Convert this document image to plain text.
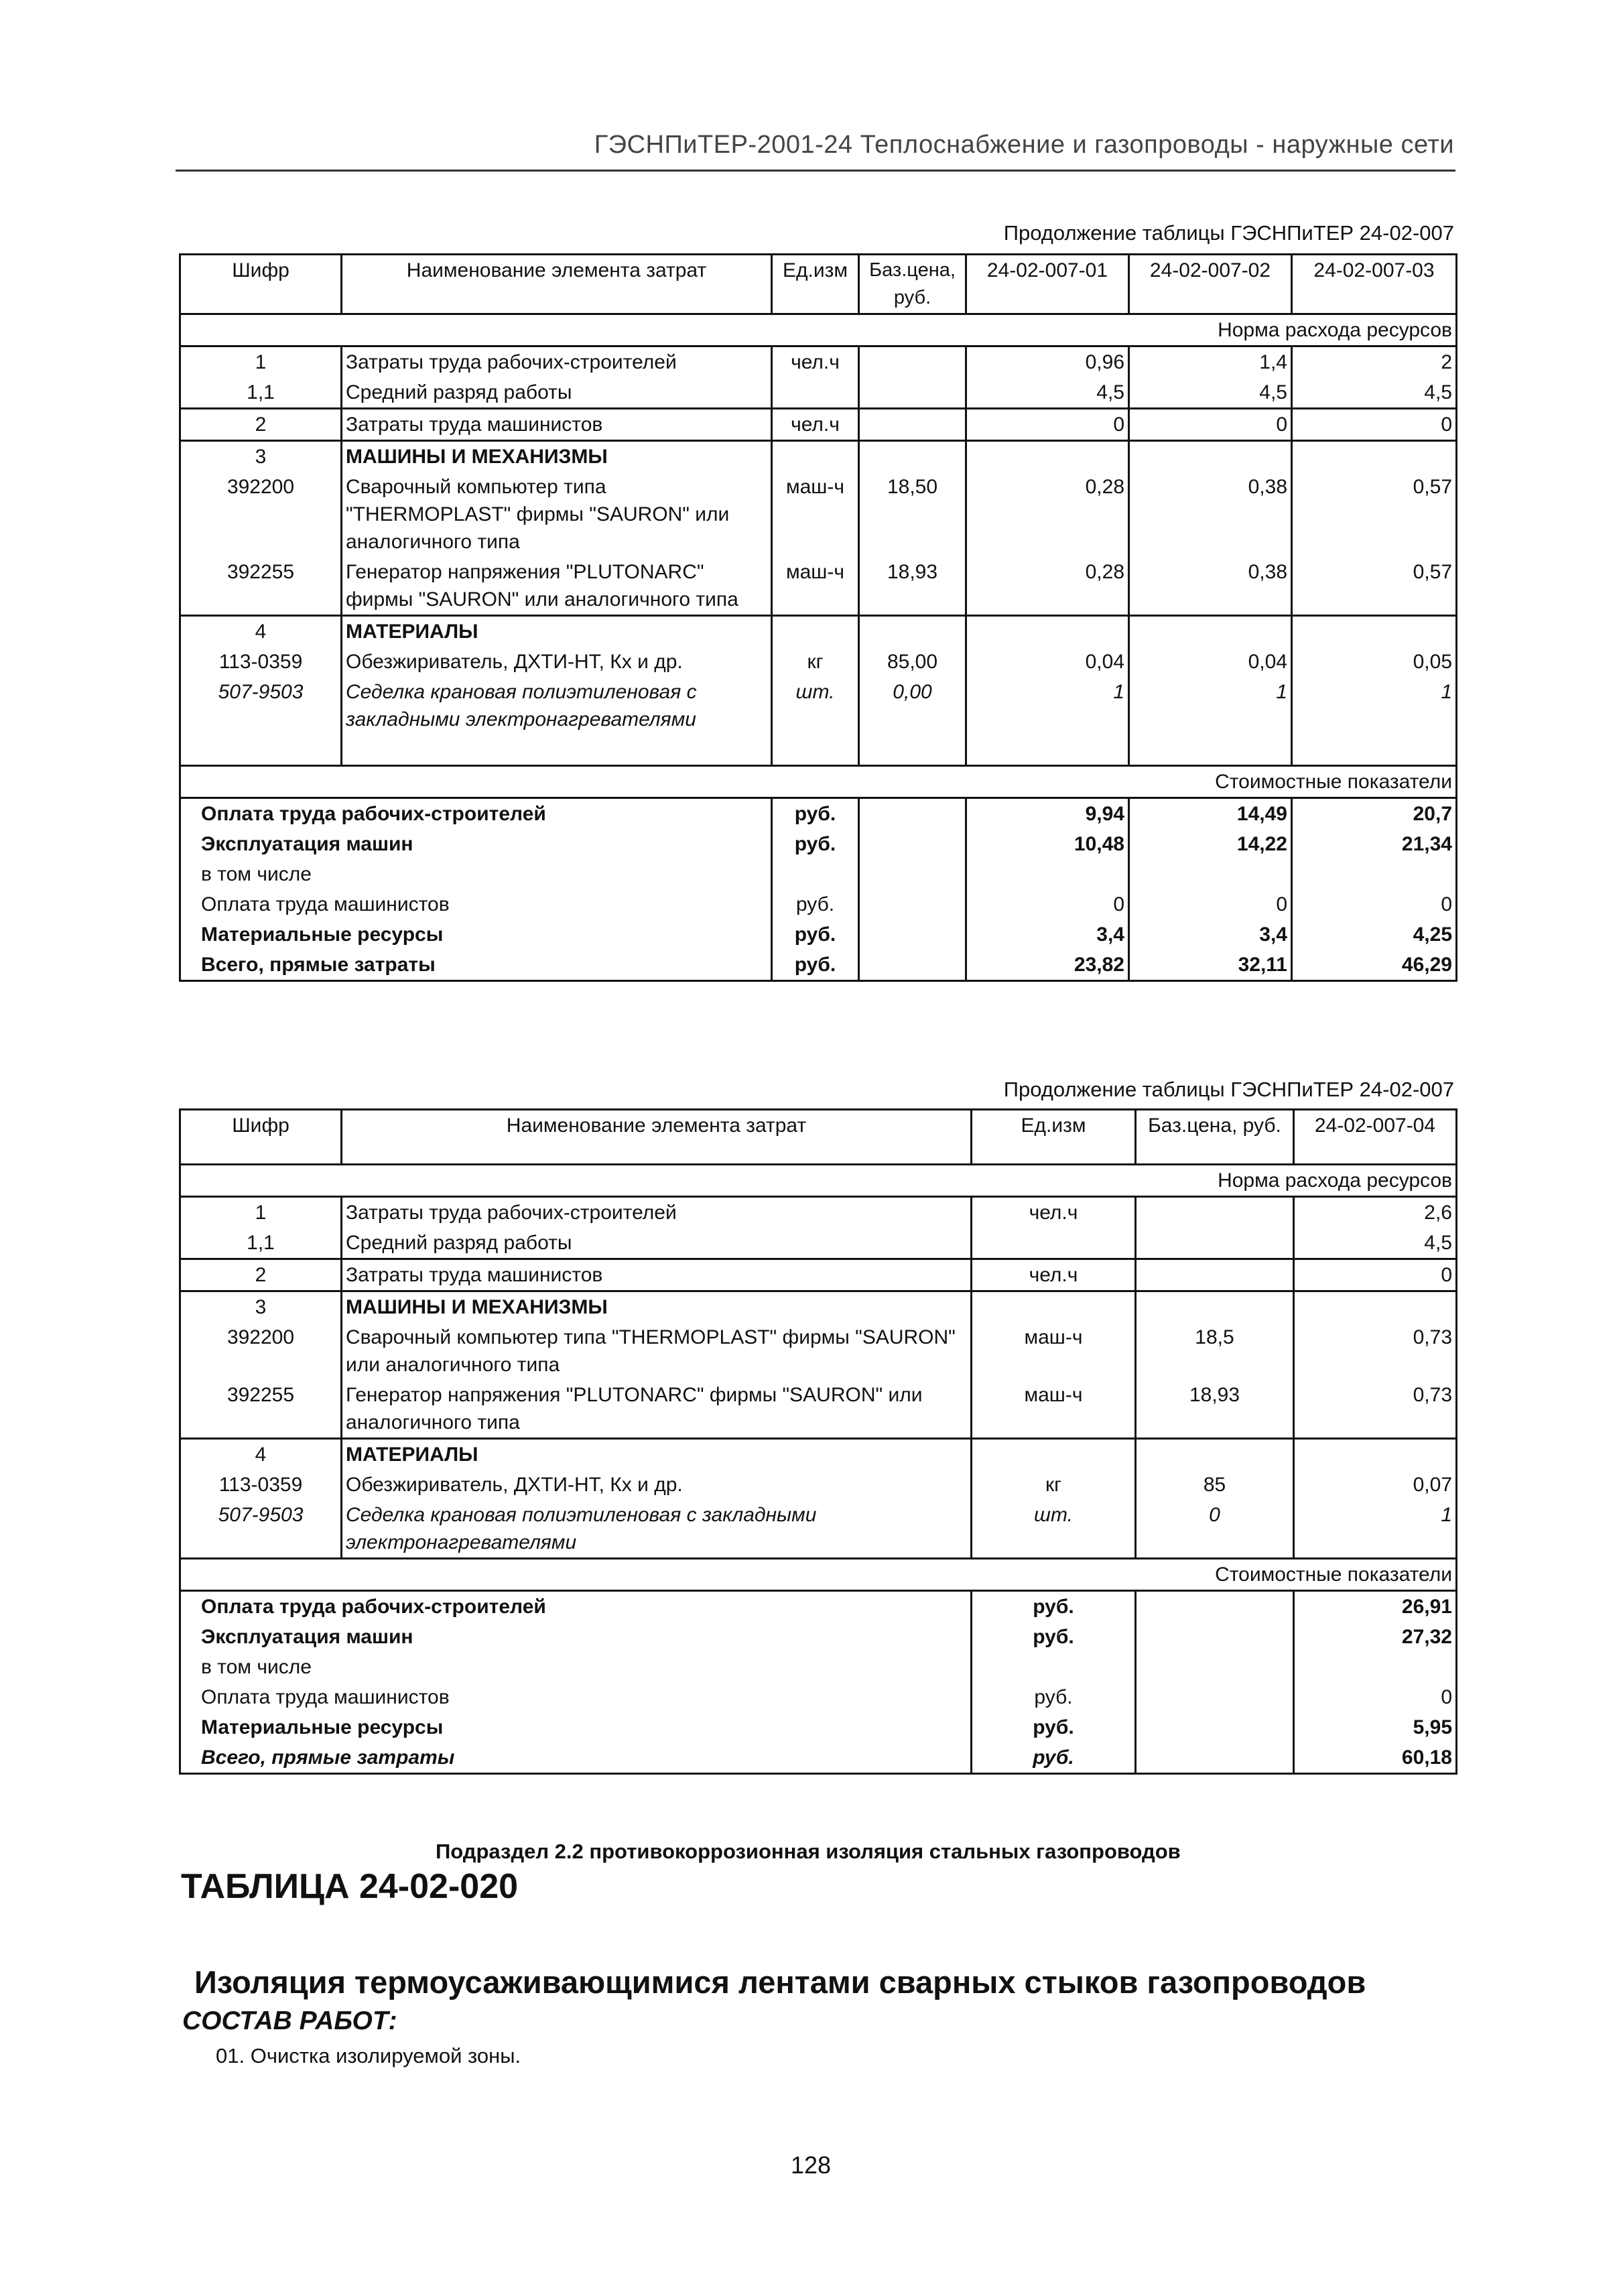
ГЭСНПиТЕР-2001-24 Теплоснабжение и газопроводы - наружные сети
Продолжение таблицы ГЭСНПиТЕР 24-02-007
Шифр	Наименование элемента затрат	Ед.изм	Баз.цена, руб.	24-02-007-01	24-02-007-02	24-02-007-03
Норма расхода ресурсов						
1	Затраты труда рабочих-строителей	чел.ч		0,96	1,4	2
1,1	Средний разряд работы			4,5	4,5	4,5
2	Затраты труда машинистов	чел.ч		0	0	0
3	МАШИНЫ И МЕХАНИЗМЫ					
392200	Сварочный компьютер типа "THERMOPLAST" фирмы "SAURON" или аналогичного типа	маш-ч	18,50	0,28	0,38	0,57
392255	Генератор напряжения "PLUTONARC" фирмы "SAURON" или аналогичного типа	маш-ч	18,93	0,28	0,38	0,57
4	МАТЕРИАЛЫ					
113-0359	Обезжириватель, ДХТИ-НТ, Кх и др.	кг	85,00	0,04	0,04	0,05
507-9503	Седелка крановая полиэтиленовая с закладными электронагревателями	шт.	0,00	1	1	1
Стоимостные показатели						
Оплата труда рабочих-строителей		руб.		9,94	14,49	20,7
Эксплуатация машин		руб.		10,48	14,22	21,34
в том числе						
Оплата труда машинистов		руб.		0	0	0
Материальные ресурсы		руб.		3,4	3,4	4,25
Всего, прямые затраты		руб.		23,82	32,11	46,29
Продолжение таблицы ГЭСНПиТЕР 24-02-007
Шифр	Наименование элемента затрат	Ед.изм	Баз.цена, руб.	24-02-007-04
Норма расхода ресурсов				
1	Затраты труда рабочих-строителей	чел.ч		2,6
1,1	Средний разряд работы			4,5
2	Затраты труда машинистов	чел.ч		0
3	МАШИНЫ И МЕХАНИЗМЫ			
392200	Сварочный компьютер типа "THERMOPLAST" фирмы "SAURON" или аналогичного типа	маш-ч	18,5	0,73
392255	Генератор напряжения "PLUTONARC" фирмы "SAURON" или аналогичного типа	маш-ч	18,93	0,73
4	МАТЕРИАЛЫ			
113-0359	Обезжириватель, ДХТИ-НТ, Кх и др.	кг	85	0,07
507-9503	Седелка крановая полиэтиленовая с закладными электронагревателями	шт.	0	1
Стоимостные показатели				
Оплата труда рабочих-строителей		руб.		26,91
Эксплуатация машин		руб.		27,32
в том числе				
Оплата труда машинистов		руб.		0
Материальные ресурсы		руб.		5,95
Всего, прямые затраты		руб.		60,18
Подраздел 2.2 противокоррозионная изоляция стальных газопроводов
ТАБЛИЦА 24-02-020
Изоляция термоусаживающимися лентами сварных стыков газопроводов
СОСТАВ РАБОТ:
01. Очистка изолируемой зоны.
128
